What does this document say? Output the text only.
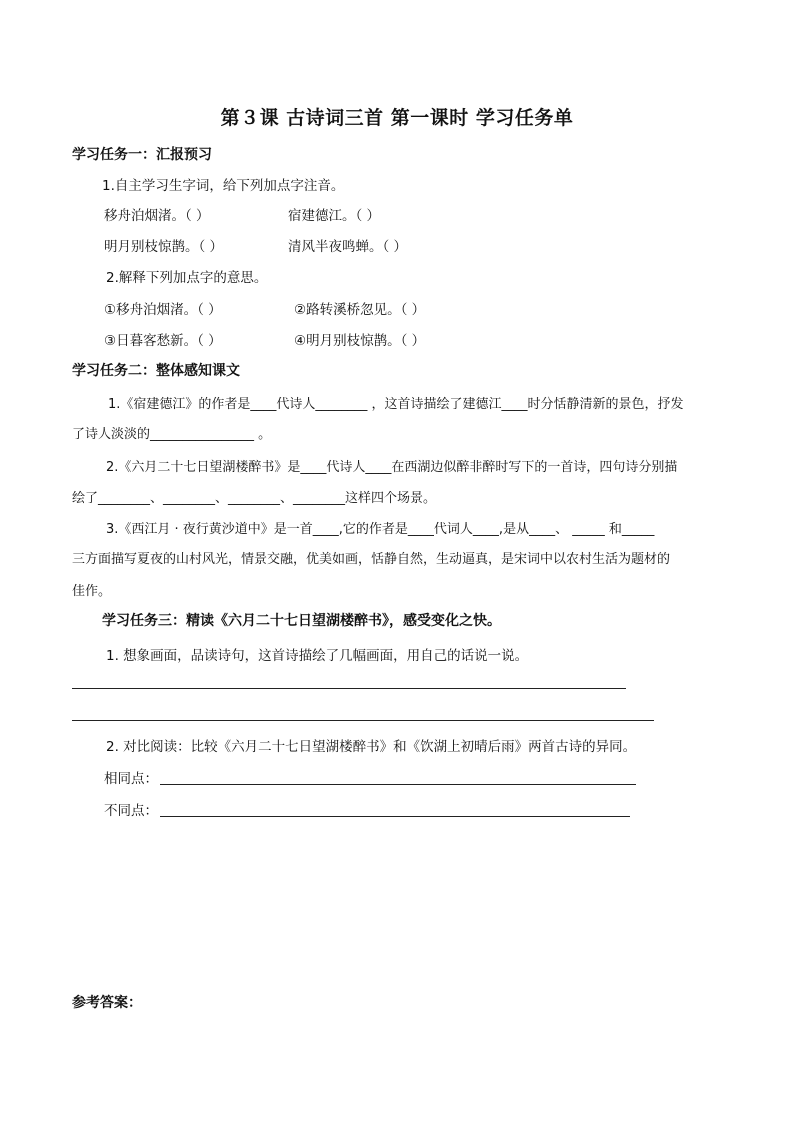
第３课 古诗词三首 第一课时 学习任务单
学习任务一：汇报预习
1.自主学习生字词，给下列加点字注音。
移舟泊烟渚。（ ）	宿建德江。（ ）
明月别枝惊鹊。（ ）	清风半夜鸣蝉。（ ）
2.解释下列加点字的意思。
①移舟泊烟渚。（ ）	②路转溪桥忽见。（ ）
③日暮客愁新。（ ）	④明月别枝惊鹊。（ ）
学习任务二：整体感知课文
1.《宿建德江》的作者是____代诗人________ ，这首诗描绘了建德江____时分恬静清新的景色，抒发
了诗人淡淡的________________ 。
2.《六月二十七日望湖楼醉书》是____代诗人____在西湖边似醉非醉时写下的一首诗，四句诗分别描
绘了________、________、________、________这样四个场景。
3.《西江月 · 夜行黄沙道中》是一首____,它的作者是____代词人____,是从____、 _____ 和_____
三方面描写夏夜的山村风光，情景交融，优美如画，恬静自然，生动逼真，是宋词中以农村生活为题材的
佳作。
学习任务三：精读《六月二十七日望湖楼醉书》，感受变化之快。
1. 想象画面，品读诗句，这首诗描绘了几幅画面，用自己的话说一说。
2. 对比阅读：比较《六月二十七日望湖楼醉书》和《饮湖上初晴后雨》两首古诗的异同。
相同点：
不同点：
参考答案：
